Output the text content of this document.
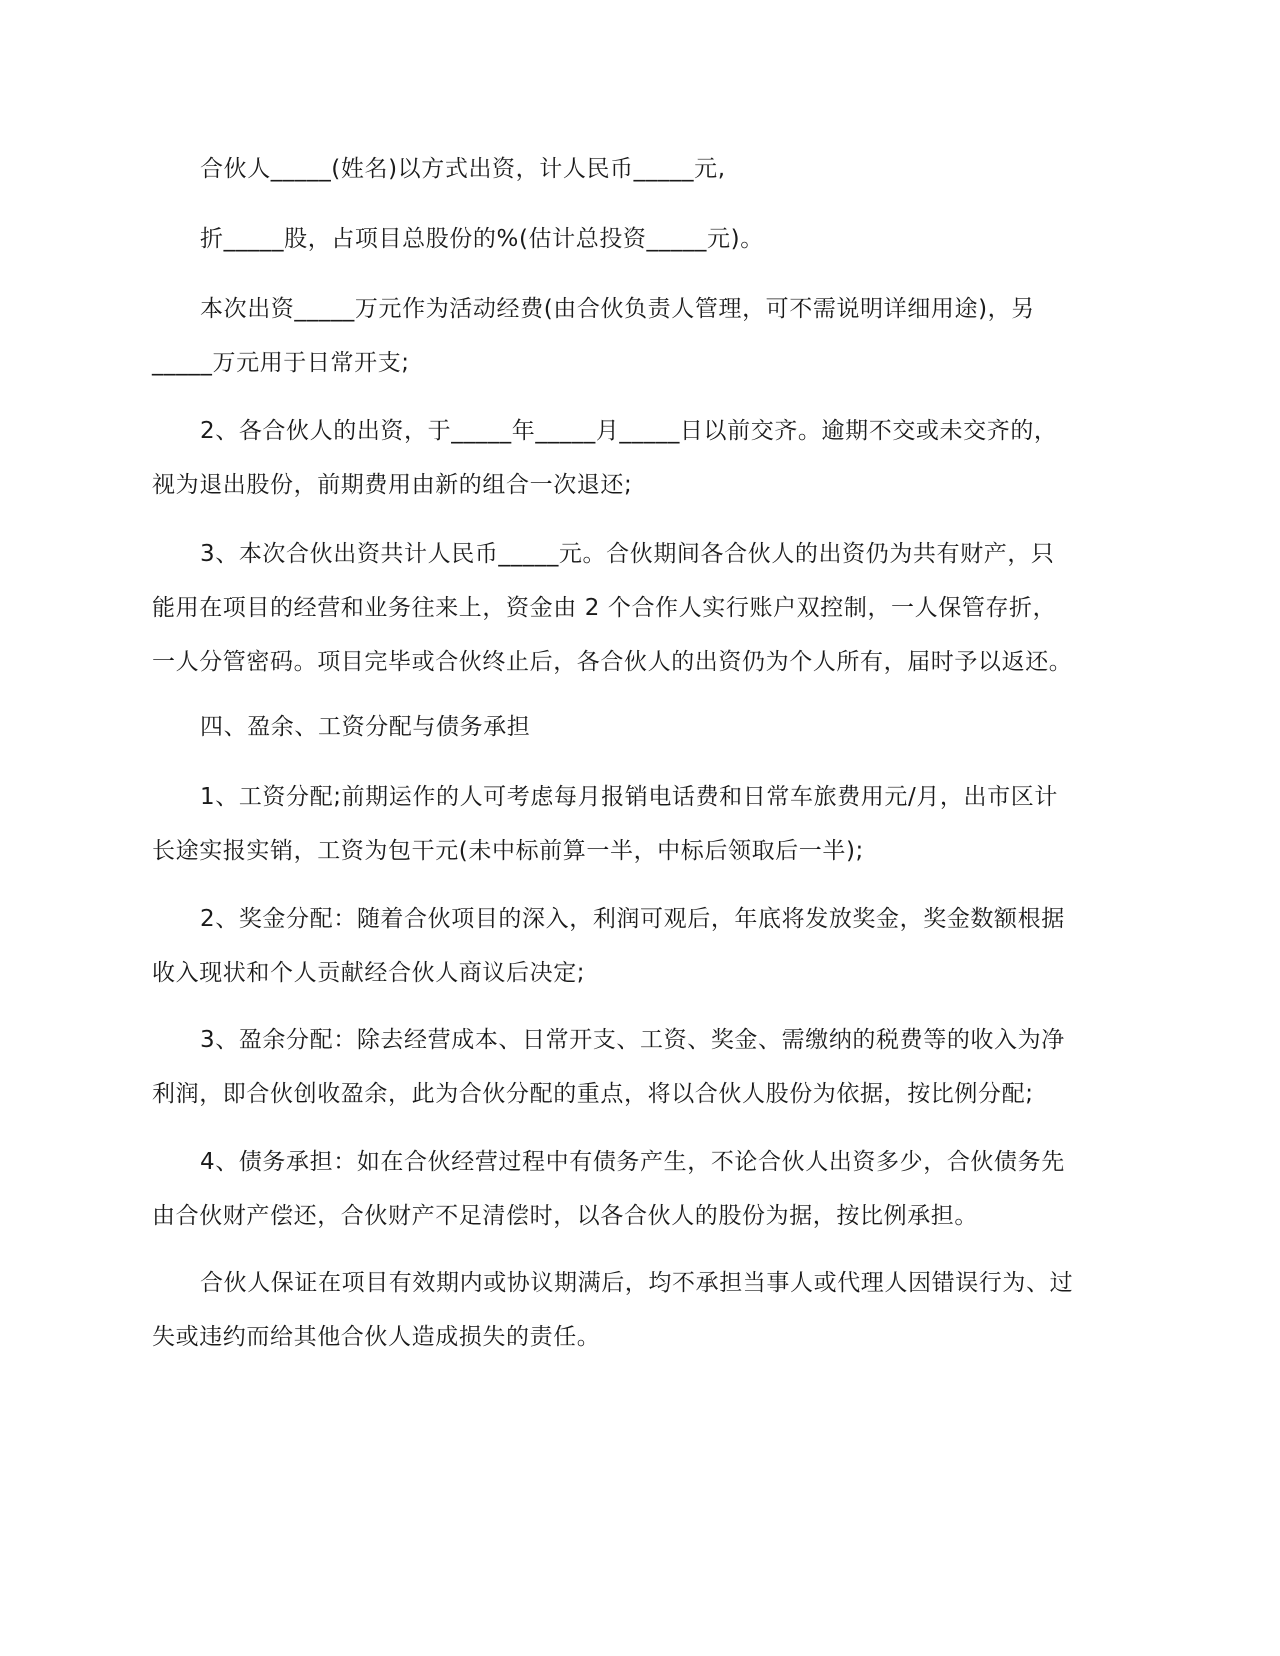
合伙人_____(姓名)以方式出资，计人民币_____元,
折_____股，占项目总股份的%(估计总投资_____元)。
本次出资_____万元作为活动经费(由合伙负责人管理，可不需说明详细用途)，另
_____万元用于日常开支;
2、各合伙人的出资，于_____年_____月_____日以前交齐。逾期不交或未交齐的，
视为退出股份，前期费用由新的组合一次退还;
3、本次合伙出资共计人民币_____元。合伙期间各合伙人的出资仍为共有财产，只
能用在项目的经营和业务往来上，资金由 2 个合作人实行账户双控制，一人保管存折，
一人分管密码。项目完毕或合伙终止后，各合伙人的出资仍为个人所有，届时予以返还。
四、盈余、工资分配与债务承担
1、工资分配;前期运作的人可考虑每月报销电话费和日常车旅费用元/月，出市区计
长途实报实销，工资为包干元(未中标前算一半，中标后领取后一半);
2、奖金分配：随着合伙项目的深入，利润可观后，年底将发放奖金，奖金数额根据
收入现状和个人贡献经合伙人商议后决定;
3、盈余分配：除去经营成本、日常开支、工资、奖金、需缴纳的税费等的收入为净
利润，即合伙创收盈余，此为合伙分配的重点，将以合伙人股份为依据，按比例分配;
4、债务承担：如在合伙经营过程中有债务产生，不论合伙人出资多少，合伙债务先
由合伙财产偿还，合伙财产不足清偿时，以各合伙人的股份为据，按比例承担。
合伙人保证在项目有效期内或协议期满后，均不承担当事人或代理人因错误行为、过
失或违约而给其他合伙人造成损失的责任。
